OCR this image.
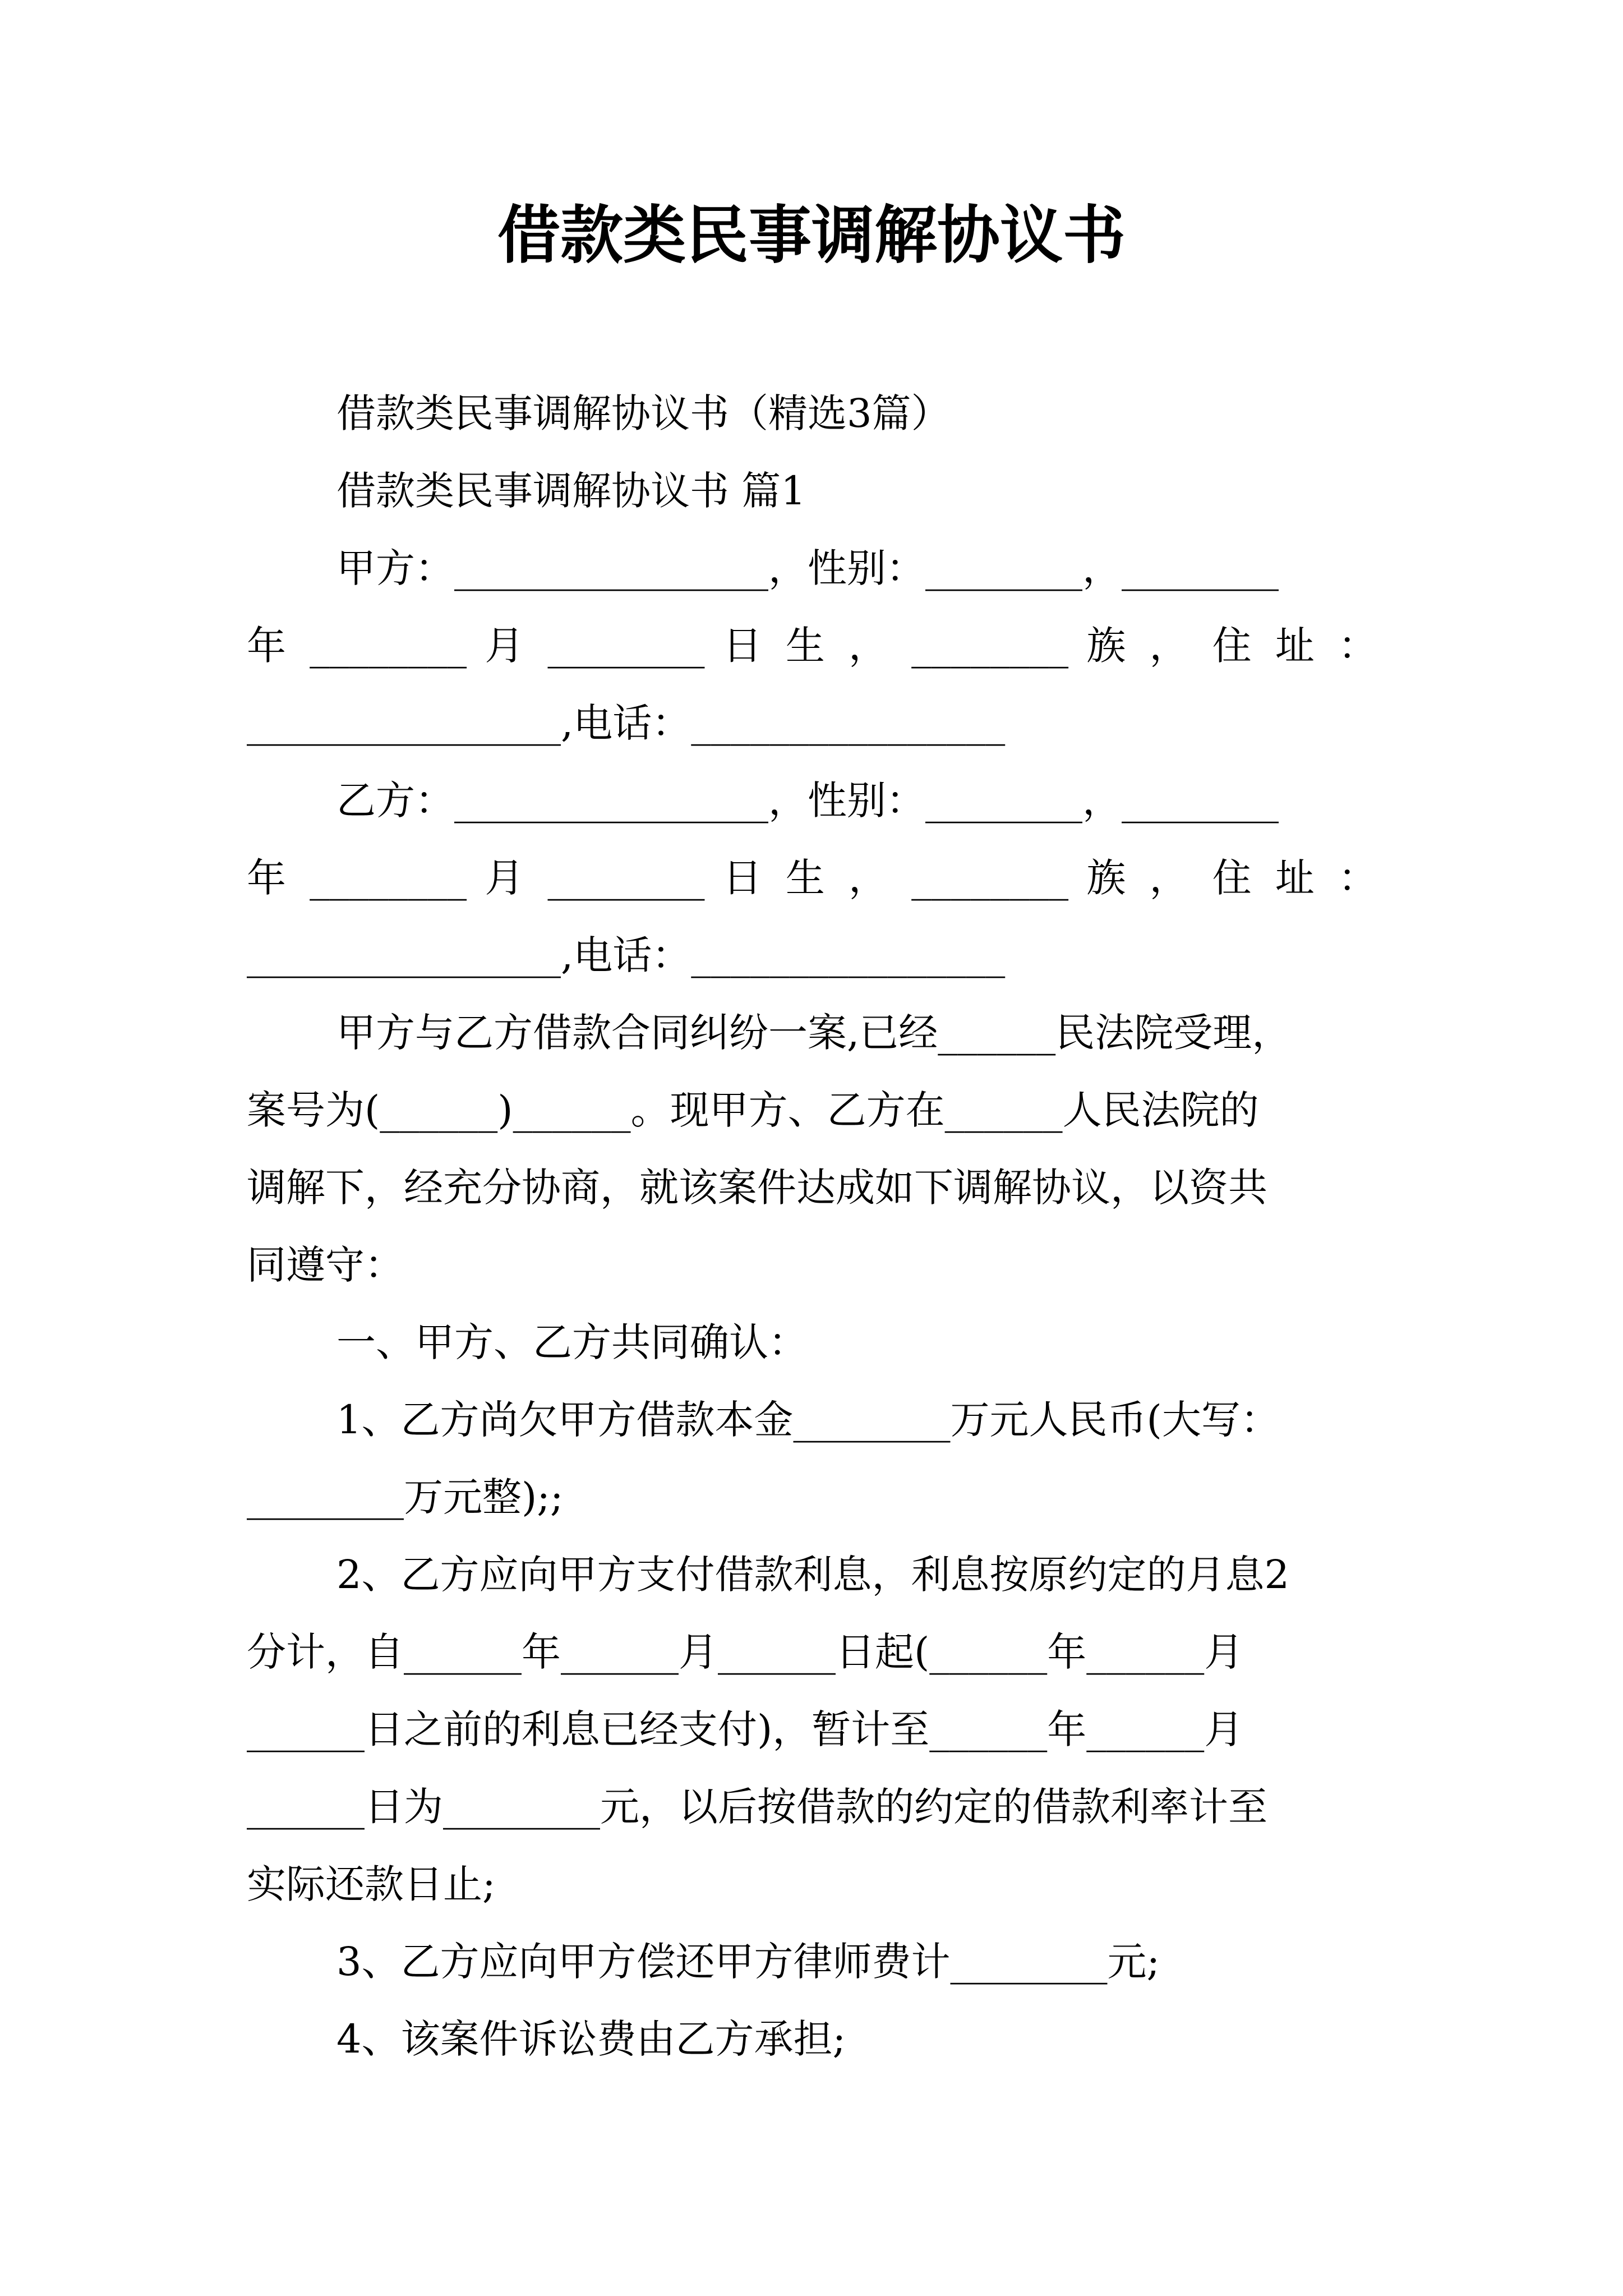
借款类民事调解协议书
借款类民事调解协议书（精选3篇）
借款类民事调解协议书 篇1
甲方：________________，性别：________，________
年 ________ 月 ________ 日 生 ， ________ 族 ， 住 址 ：
________________,电话：________________
乙方：________________，性别：________，________
年 ________ 月 ________ 日 生 ， ________ 族 ， 住 址 ：
________________,电话：________________
甲方与乙方借款合同纠纷一案,已经______民法院受理，
案号为(______)______。现甲方、乙方在______人民法院的
调解下，经充分协商，就该案件达成如下调解协议，以资共
同遵守：
一、甲方、乙方共同确认：
1、乙方尚欠甲方借款本金________万元人民币(大写：
________万元整);;
2、乙方应向甲方支付借款利息，利息按原约定的月息2
分计，自______年______月______日起(______年______月
______日之前的利息已经支付)，暂计至______年______月
______日为________元，以后按借款的约定的借款利率计至
实际还款日止;
3、乙方应向甲方偿还甲方律师费计________元;
4、该案件诉讼费由乙方承担;
